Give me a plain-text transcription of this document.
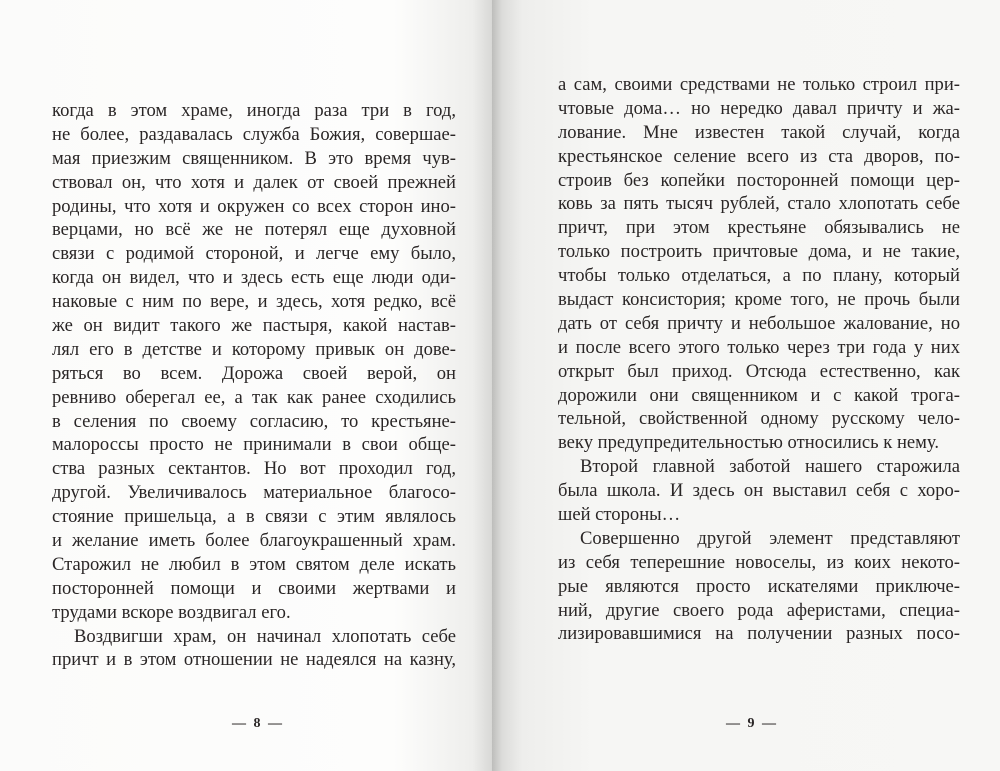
когда в этом храме, иногда раза три в год,
не более, раздавалась служба Божия, совершае-
мая приезжим священником. В это время чув-
ствовал он, что хотя и далек от своей прежней
родины, что хотя и окружен со всех сторон ино-
верцами, но всё же не потерял еще духовной
связи с родимой стороной, и легче ему было,
когда он видел, что и здесь есть еще люди оди-
наковые с ним по вере, и здесь, хотя редко, всё
же он видит такого же пастыря, какой настав-
лял его в детстве и которому привык он дове-
ряться во всем. Дорожа своей верой, он
ревниво оберегал ее, а так как ранее сходились
в селения по своему согласию, то крестьяне-
малороссы просто не принимали в свои обще-
ства разных сектантов. Но вот проходил год,
другой. Увеличивалось материальное благосо-
стояние пришельца, а в связи с этим являлось
и желание иметь более благоукрашенный храм.
Старожил не любил в этом святом деле искать
посторонней помощи и своими жертвами и
трудами вскоре воздвигал его.
Воздвигши храм, он начинал хлопотать себе
причт и в этом отношении не надеялся на казну,
— 8 —
а сам, своими средствами не только строил при-
чтовые дома… но нередко давал причту и жа-
лование. Мне известен такой случай, когда
крестьянское селение всего из ста дворов, по-
строив без копейки посторонней помощи цер-
ковь за пять тысяч рублей, стало хлопотать себе
причт, при этом крестьяне обязывались не
только построить причтовые дома, и не такие,
чтобы только отделаться, а по плану, который
выдаст консистория; кроме того, не прочь были
дать от себя причту и небольшое жалование, но
и после всего этого только через три года у них
открыт был приход. Отсюда естественно, как
дорожили они священником и с какой трога-
тельной, свойственной одному русскому чело-
веку предупредительностью относились к нему.
Второй главной заботой нашего старожила
была школа. И здесь он выставил себя с хоро-
шей стороны…
Совершенно другой элемент представляют
из себя теперешние новоселы, из коих некото-
рые являются просто искателями приключе-
ний, другие своего рода аферистами, специа-
лизировавшимися на получении разных посо-
— 9 —
